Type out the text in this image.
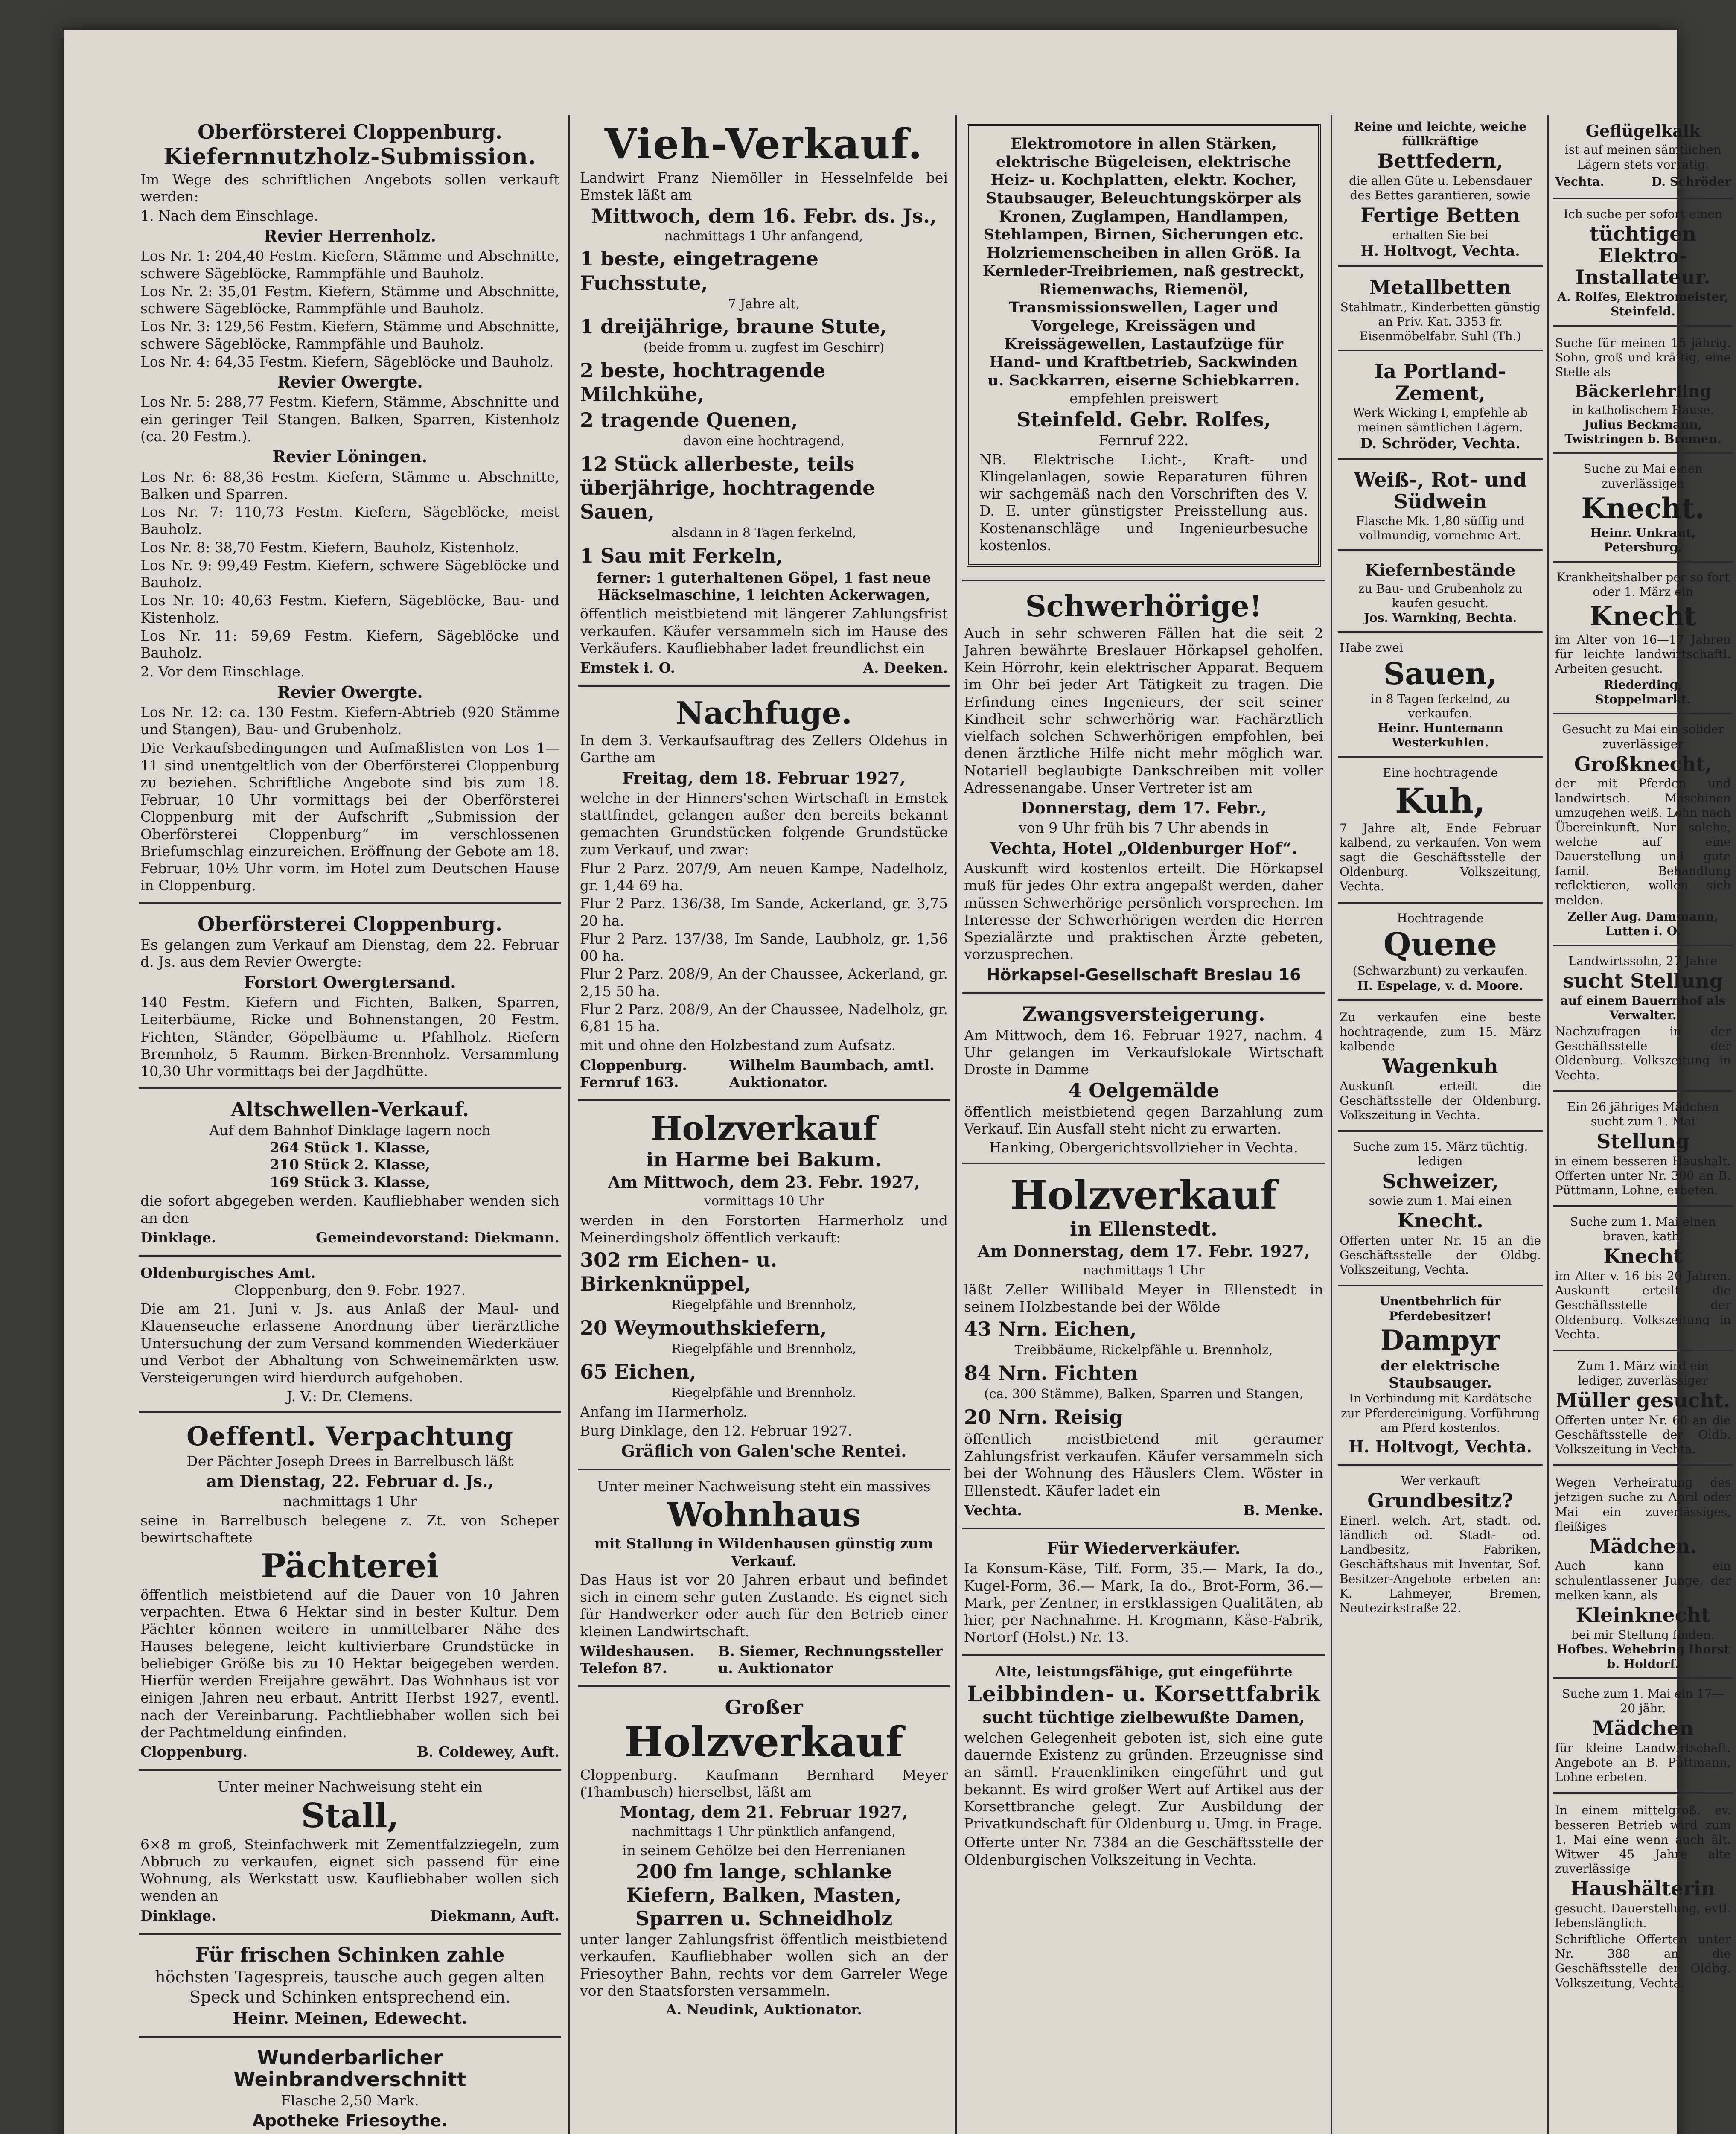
Oberförsterei Cloppenburg.
Kiefernnutzholz-Submission.
Im Wege des schriftlichen Angebots sollen verkauft werden:
1. Nach dem Einschlage.
Revier Herrenholz.
Los Nr. 1: 204,40 Festm. Kiefern, Stämme und Abschnitte, schwere Sägeblöcke, Rammpfähle und Bauholz.
Los Nr. 2: 35,01 Festm. Kiefern, Stämme und Abschnitte, schwere Sägeblöcke, Rammpfähle und Bauholz.
Los Nr. 3: 129,56 Festm. Kiefern, Stämme und Abschnitte, schwere Sägeblöcke, Rammpfähle und Bauholz.
Los Nr. 4: 64,35 Festm. Kiefern, Sägeblöcke und Bauholz.
Revier Owergte.
Los Nr. 5: 288,77 Festm. Kiefern, Stämme, Abschnitte und ein geringer Teil Stangen. Balken, Sparren, Kistenholz (ca. 20 Festm.).
Revier Löningen.
Los Nr. 6: 88,36 Festm. Kiefern, Stämme u. Abschnitte, Balken und Sparren.
Los Nr. 7: 110,73 Festm. Kiefern, Sägeblöcke, meist Bauholz.
Los Nr. 8: 38,70 Festm. Kiefern, Bauholz, Kistenholz.
Los Nr. 9: 99,49 Festm. Kiefern, schwere Sägeblöcke und Bauholz.
Los Nr. 10: 40,63 Festm. Kiefern, Sägeblöcke, Bau- und Kistenholz.
Los Nr. 11: 59,69 Festm. Kiefern, Sägeblöcke und Bauholz.
2. Vor dem Einschlage.
Revier Owergte.
Los Nr. 12: ca. 130 Festm. Kiefern-Abtrieb (920 Stämme und Stangen), Bau- und Grubenholz.
Die Verkaufsbedingungen und Aufmaßlisten von Los 1—11 sind unentgeltlich von der Oberförsterei Cloppenburg zu beziehen. Schriftliche Angebote sind bis zum 18. Februar, 10 Uhr vormittags bei der Oberförsterei Cloppenburg mit der Aufschrift „Submission der Oberförsterei Cloppenburg“ im verschlossenen Briefumschlag einzureichen. Eröffnung der Gebote am 18. Februar, 10½ Uhr vorm. im Hotel zum Deutschen Hause in Cloppenburg.
Oberförsterei Cloppenburg.
Es gelangen zum Verkauf am Dienstag, dem 22. Februar d. Js. aus dem Revier Owergte:
Forstort Owergtersand.
140 Festm. Kiefern und Fichten, Balken, Sparren, Leiterbäume, Ricke und Bohnenstangen, 20 Festm. Fichten, Ständer, Göpelbäume u. Pfahlholz. Riefern Brennholz, 5 Raumm. Birken-Brennholz. Versammlung 10,30 Uhr vormittags bei der Jagdhütte.
Altschwellen-Verkauf.
Auf dem Bahnhof Dinklage lagern noch
264 Stück 1. Klasse,
210 Stück 2. Klasse,
169 Stück 3. Klasse,
die sofort abgegeben werden. Kaufliebhaber wenden sich an den
Dinklage.	Gemeindevorstand: Diekmann.
Oldenburgisches Amt.
Cloppenburg, den 9. Febr. 1927.
Die am 21. Juni v. Js. aus Anlaß der Maul- und Klauenseuche erlassene Anordnung über tierärztliche Untersuchung der zum Versand kommenden Wiederkäuer und Verbot der Abhaltung von Schweinemärkten usw. Versteigerungen wird hierdurch aufgehoben.
J. V.: Dr. Clemens.
Oeffentl. Verpachtung
Der Pächter Joseph Drees in Barrelbusch läßt
am Dienstag, 22. Februar d. Js.,
nachmittags 1 Uhr
seine in Barrelbusch belegene z. Zt. von Scheper bewirtschaftete
Pächterei
öffentlich meistbietend auf die Dauer von 10 Jahren verpachten. Etwa 6 Hektar sind in bester Kultur. Dem Pächter können weitere in unmittelbarer Nähe des Hauses belegene, leicht kultivierbare Grundstücke in beliebiger Größe bis zu 10 Hektar beigegeben werden. Hierfür werden Freijahre gewährt. Das Wohnhaus ist vor einigen Jahren neu erbaut. Antritt Herbst 1927, eventl. nach der Vereinbarung. Pachtliebhaber wollen sich bei der Pachtmeldung einfinden.
Cloppenburg.	B. Coldewey, Auft.
Unter meiner Nachweisung steht ein
Stall,
6×8 m groß, Steinfachwerk mit Zementfalzziegeln, zum Abbruch zu verkaufen, eignet sich passend für eine Wohnung, als Werkstatt usw. Kaufliebhaber wollen sich wenden an
Dinklage.	Diekmann, Auft.
Für frischen Schinken zahle
höchsten Tagespreis, tausche auch gegen alten Speck und Schinken entsprechend ein.
Heinr. Meinen, Edewecht.
Wunderbarlicher Weinbrandverschnitt
Flasche 2,50 Mark.
Apotheke Friesoythe.
Vieh-Verkauf.
Landwirt Franz Niemöller in Hesselnfelde bei Emstek läßt am
Mittwoch, dem 16. Febr. ds. Js.,
nachmittags 1 Uhr anfangend,
1 beste, eingetragene Fuchsstute,
7 Jahre alt,
1 dreijährige, braune Stute,
(beide fromm u. zugfest im Geschirr)
2 beste, hochtragende Milchkühe,
2 tragende Quenen,
davon eine hochtragend,
12 Stück allerbeste, teils überjährige, hochtragende Sauen,
alsdann in 8 Tagen ferkelnd,
1 Sau mit Ferkeln,
ferner: 1 guterhaltenen Göpel, 1 fast neue Häckselmaschine, 1 leichten Ackerwagen,
öffentlich meistbietend mit längerer Zahlungsfrist verkaufen. Käufer versammeln sich im Hause des Verkäufers. Kaufliebhaber ladet freundlichst ein
Emstek i. O.	A. Deeken.
Nachfuge.
In dem 3. Verkaufsauftrag des Zellers Oldehus in Garthe am
Freitag, dem 18. Februar 1927,
welche in der Hinners'schen Wirtschaft in Emstek stattfindet, gelangen außer den bereits bekannt gemachten Grundstücken folgende Grundstücke zum Verkauf, und zwar:
Flur 2 Parz. 207/9, Am neuen Kampe, Nadelholz, gr. 1,44 69 ha.
Flur 2 Parz. 136/38, Im Sande, Ackerland, gr. 3,75 20 ha.
Flur 2 Parz. 137/38, Im Sande, Laubholz, gr. 1,56 00 ha.
Flur 2 Parz. 208/9, An der Chaussee, Ackerland, gr. 2,15 50 ha.
Flur 2 Parz. 208/9, An der Chaussee, Nadelholz, gr. 6,81 15 ha.
mit und ohne den Holzbestand zum Aufsatz.
Cloppenburg. Fernruf 163.
Wilhelm Baumbach, amtl. Auktionator.
Holzverkauf
in Harme bei Bakum.
Am Mittwoch, dem 23. Febr. 1927,
vormittags 10 Uhr
werden in den Forstorten Harmerholz und Meinerdingsholz öffentlich verkauft:
302 rm Eichen- u. Birkenknüppel,
Riegelpfähle und Brennholz,
20 Weymouthskiefern,
Riegelpfähle und Brennholz,
65 Eichen,
Riegelpfähle und Brennholz.
Anfang im Harmerholz.
Burg Dinklage, den 12. Februar 1927.
Gräflich von Galen'sche Rentei.
Unter meiner Nachweisung steht ein massives
Wohnhaus
mit Stallung in Wildenhausen günstig zum Verkauf.
Das Haus ist vor 20 Jahren erbaut und befindet sich in einem sehr guten Zustande. Es eignet sich für Handwerker oder auch für den Betrieb einer kleinen Landwirtschaft.
Wildeshausen. Telefon 87.
B. Siemer, Rechnungssteller u. Auktionator
Großer
Holzverkauf
Cloppenburg. Kaufmann Bernhard Meyer (Thambusch) hierselbst, läßt am
Montag, dem 21. Februar 1927,
nachmittags 1 Uhr pünktlich anfangend,
in seinem Gehölze bei den Herrenianen
200 fm lange, schlanke
Kiefern, Balken, Masten,
Sparren u. Schneidholz
unter langer Zahlungsfrist öffentlich meistbietend verkaufen. Kaufliebhaber wollen sich an der Friesoyther Bahn, rechts vor dem Garreler Wege vor den Staatsforsten versammeln.
A. Neudink, Auktionator.
Elektromotore in allen Stärken, elektrische Bügeleisen, elektrische Heiz- u. Kochplatten, elektr. Kocher, Staubsauger, Beleuchtungskörper als Kronen, Zuglampen, Handlampen, Stehlampen, Birnen, Sicherungen etc. Holzriemenscheiben in allen Größ. Ia Kernleder-Treibriemen, naß gestreckt, Riemenwachs, Riemenöl, Transmissionswellen, Lager und Vorgelege, Kreissägen und Kreissägewellen, Lastaufzüge für Hand- und Kraftbetrieb, Sackwinden u. Sackkarren, eiserne Schiebkarren.
empfehlen preiswert
Steinfeld. Gebr. Rolfes,
Fernruf 222.
NB. Elektrische Licht-, Kraft- und Klingelanlagen, sowie Reparaturen führen wir sachgemäß nach den Vorschriften des V. D. E. unter günstigster Preisstellung aus. Kostenanschläge und Ingenieurbesuche kostenlos.
Schwerhörige!
Auch in sehr schweren Fällen hat die seit 2 Jahren bewährte Breslauer Hörkapsel geholfen. Kein Hörrohr, kein elektrischer Apparat. Bequem im Ohr bei jeder Art Tätigkeit zu tragen. Die Erfindung eines Ingenieurs, der seit seiner Kindheit sehr schwerhörig war. Fachärztlich vielfach solchen Schwerhörigen empfohlen, bei denen ärztliche Hilfe nicht mehr möglich war. Notariell beglaubigte Dankschreiben mit voller Adressenangabe. Unser Vertreter ist am
Donnerstag, dem 17. Febr.,
von 9 Uhr früh bis 7 Uhr abends in
Vechta, Hotel „Oldenburger Hof“.
Auskunft wird kostenlos erteilt. Die Hörkapsel muß für jedes Ohr extra angepaßt werden, daher müssen Schwerhörige persönlich vorsprechen. Im Interesse der Schwerhörigen werden die Herren Spezialärzte und praktischen Ärzte gebeten, vorzusprechen.
Hörkapsel-Gesellschaft Breslau 16
Zwangsversteigerung.
Am Mittwoch, dem 16. Februar 1927, nachm. 4 Uhr gelangen im Verkaufslokale Wirtschaft Droste in Damme
4 Oelgemälde
öffentlich meistbietend gegen Barzahlung zum Verkauf. Ein Ausfall steht nicht zu erwarten.
Hanking, Obergerichtsvollzieher in Vechta.
Holzverkauf
in Ellenstedt.
Am Donnerstag, dem 17. Febr. 1927,
nachmittags 1 Uhr
läßt Zeller Willibald Meyer in Ellenstedt in seinem Holzbestande bei der Wölde
43 Nrn. Eichen,
Treibbäume, Rickelpfähle u. Brennholz,
84 Nrn. Fichten
(ca. 300 Stämme), Balken, Sparren und Stangen,
20 Nrn. Reisig
öffentlich meistbietend mit geraumer Zahlungsfrist verkaufen. Käufer versammeln sich bei der Wohnung des Häuslers Clem. Wöster in Ellenstedt. Käufer ladet ein
Vechta.	B. Menke.
Für Wiederverkäufer.
Ia Konsum-Käse, Tilf. Form, 35.— Mark, Ia do., Kugel-Form, 36.— Mark, Ia do., Brot-Form, 36.— Mark, per Zentner, in erstklassigen Qualitäten, ab hier, per Nachnahme. H. Krogmann, Käse-Fabrik, Nortorf (Holst.) Nr. 13.
Alte, leistungsfähige, gut eingeführte
Leibbinden- u. Korsettfabrik
sucht tüchtige zielbewußte Damen,
welchen Gelegenheit geboten ist, sich eine gute dauernde Existenz zu gründen. Erzeugnisse sind an sämtl. Frauenkliniken eingeführt und gut bekannt. Es wird großer Wert auf Artikel aus der Korsettbranche gelegt. Zur Ausbildung der Privatkundschaft für Oldenburg u. Umg. in Frage.
Offerte unter Nr. 7384 an die Geschäftsstelle der Oldenburgischen Volkszeitung in Vechta.
Reine und leichte, weiche füllkräftige
Bettfedern,
die allen Güte u. Lebensdauer des Bettes garantieren, sowie
Fertige Betten
erhalten Sie bei
H. Holtvogt, Vechta.
Metallbetten
Stahlmatr., Kinderbetten günstig an Priv. Kat. 3353 fr. Eisenmöbelfabr. Suhl (Th.)
Ia Portland-Zement,
Werk Wicking I, empfehle ab meinen sämtlichen Lägern.
D. Schröder, Vechta.
Weiß-, Rot- und Südwein
Flasche Mk. 1,80 süffig und vollmundig, vornehme Art.
Kiefernbestände
zu Bau- und Grubenholz zu kaufen gesucht.
Jos. Warnking, Bechta.
Habe zwei
Sauen,
in 8 Tagen ferkelnd, zu verkaufen.
Heinr. Huntemann Westerkuhlen.
Eine hochtragende
Kuh,
7 Jahre alt, Ende Februar kalbend, zu verkaufen. Von wem sagt die Geschäftsstelle der Oldenburg. Volkszeitung, Vechta.
Hochtragende
Quene
(Schwarzbunt) zu verkaufen.
H. Espelage, v. d. Moore.
Zu verkaufen eine beste hochtragende, zum 15. März kalbende
Wagenkuh
Auskunft erteilt die Geschäftsstelle der Oldenburg. Volkszeitung in Vechta.
Suche zum 15. März tüchtig. ledigen
Schweizer,
sowie zum 1. Mai einen
Knecht.
Offerten unter Nr. 15 an die Geschäftsstelle der Oldbg. Volkszeitung, Vechta.
Unentbehrlich für Pferdebesitzer!
Dampyr
der elektrische Staubsauger.
In Verbindung mit Kardätsche zur Pferdereinigung. Vorführung am Pferd kostenlos.
H. Holtvogt, Vechta.
Wer verkauft
Grundbesitz?
Einerl. welch. Art, stadt. od. ländlich od. Stadt- od. Landbesitz, Fabriken, Geschäftshaus mit Inventar, Sof. Besitzer-Angebote erbeten an: K. Lahmeyer, Bremen, Neutezirkstraße 22.
Geflügelkalk
ist auf meinen sämtlichen Lägern stets vorrätig.
Vechta.	D. Schröder
Ich suche per sofort einen
tüchtigen Elektro-Installateur.
A. Rolfes, Elektromeister, Steinfeld.
Suche für meinen 15 jährig. Sohn, groß und kräftig, eine Stelle als
Bäckerlehrling
in katholischem Hause.
Julius Beckmann, Twistringen b. Bremen.
Suche zu Mai einen zuverlässigen
Knecht.
Heinr. Unkraut, Petersburg.
Krankheitshalber per so fort oder 1. März ein
Knecht
im Alter von 16—17 Jahren für leichte landwirtschaftl. Arbeiten gesucht.
Riederding, Stoppelmarkt.
Gesucht zu Mai ein solider zuverlässiger
Großknecht,
der mit Pferden und landwirtsch. Maschinen umzugehen weiß. Lohn nach Übereinkunft. Nur solche, welche auf eine Dauerstellung und gute famil. Behandlung reflektieren, wollen sich melden.
Zeller Aug. Dammann, Lutten i. O.
Landwirtssohn, 27 Jahre
sucht Stellung
auf einem Bauernhof als Verwalter.
Nachzufragen in der Geschäftsstelle der Oldenburg. Volkszeitung in Vechta.
Ein 26 jähriges Mädchen sucht zum 1. Mai
Stellung
in einem besseren Haushalt. Offerten unter Nr. 300 an B. Püttmann, Lohne, erbeten.
Suche zum 1. Mai einen braven, kath.
Knecht
im Alter v. 16 bis 20 Jahren. Auskunft erteilt die Geschäftsstelle der Oldenburg. Volkszeitung in Vechta.
Zum 1. März wird ein lediger, zuverlässiger
Müller gesucht.
Offerten unter Nr. 60 an die Geschäftsstelle der Oldb. Volkszeitung in Vechta.
Wegen Verheiratung des jetzigen suche zu April oder Mai ein zuverlässiges, fleißiges
Mädchen.
Auch kann ein schulentlassener Junge, der melken kann, als
Kleinknecht
bei mir Stellung finden.
Hofbes. Wehebring Ihorst b. Holdorf.
Suche zum 1. Mai ein 17—20 jähr.
Mädchen
für kleine Landwirtschaft. Angebote an B. Püttmann, Lohne erbeten.
In einem mittelgroß. ev. besseren Betrieb wird zum 1. Mai eine wenn auch ält. Witwer 45 Jahre alte zuverlässige
Haushälterin
gesucht. Dauerstellung, evtl. lebenslänglich.
Schriftliche Offerten unter Nr. 388 an die Geschäftsstelle der Oldbg. Volkszeitung, Vechta.
